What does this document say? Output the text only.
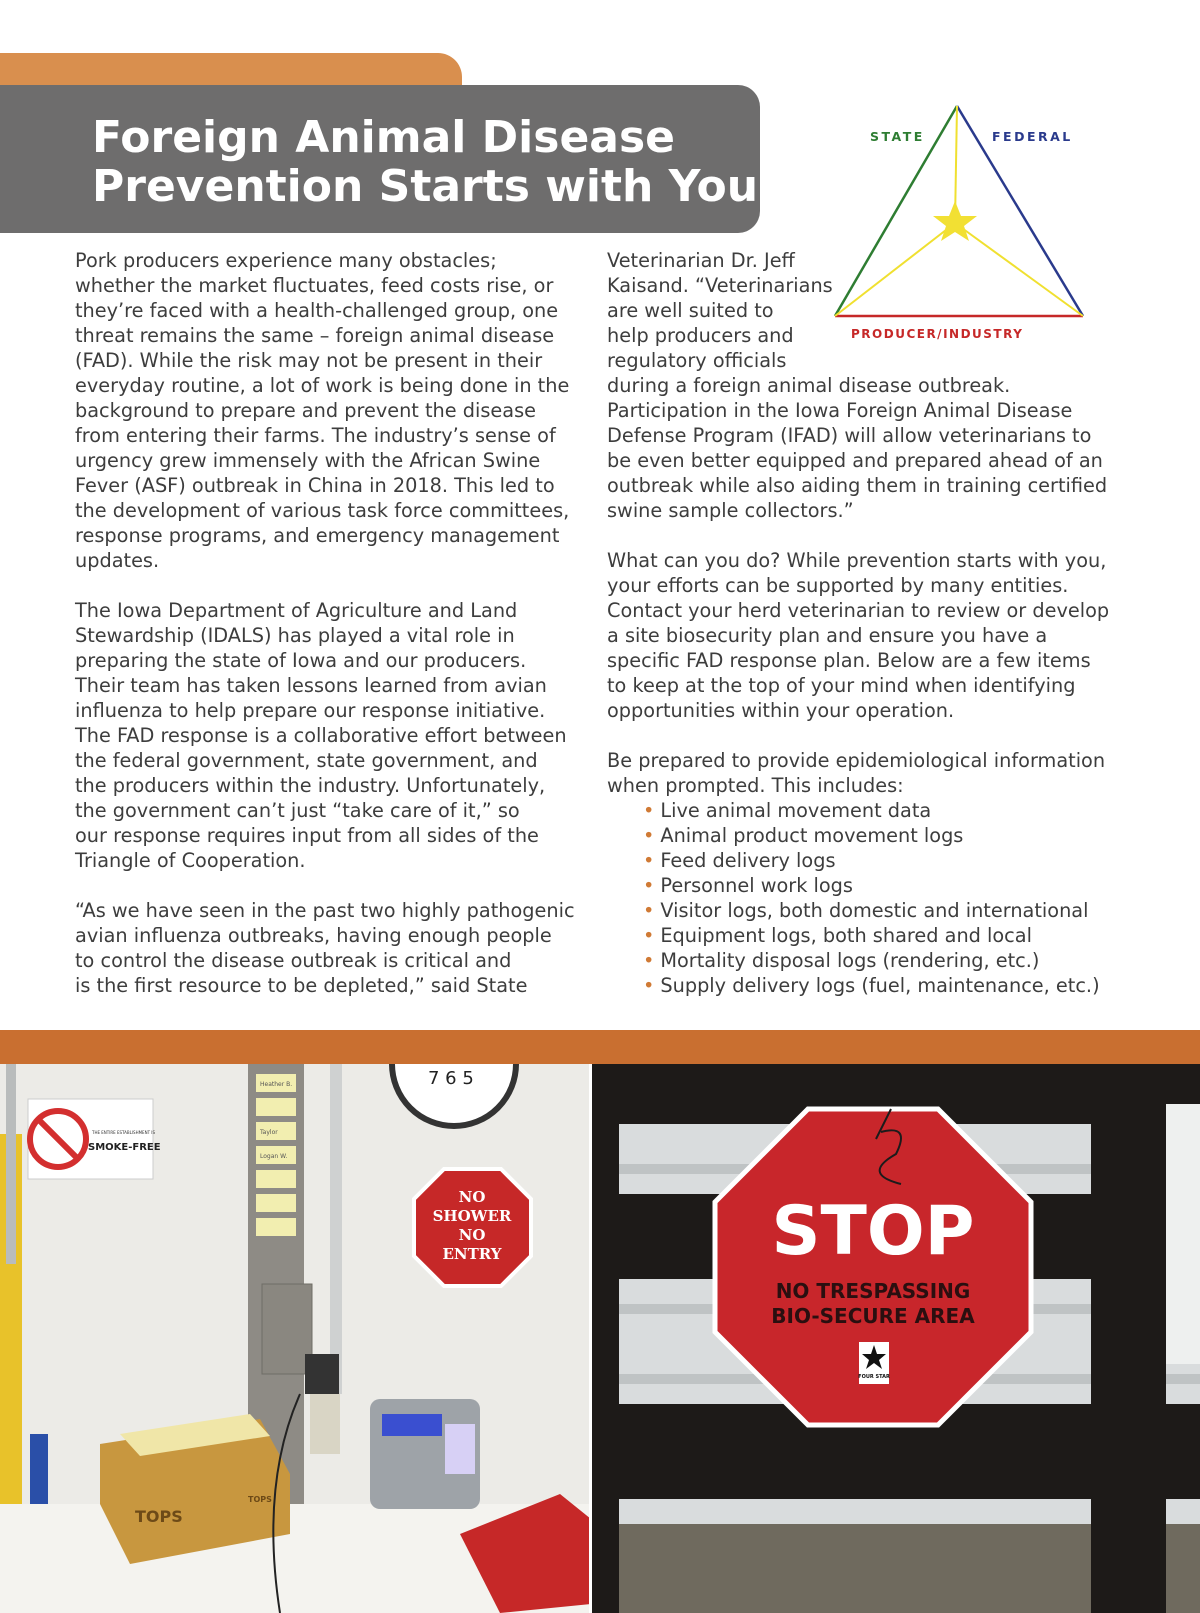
Foreign Animal Disease
Prevention Starts with You
STATE	FEDERAL
PRODUCER/INDUSTRY
Pork producers experience many obstacles;
whether the market fluctuates, feed costs rise, or
they’re faced with a health-challenged group, one
threat remains the same – foreign animal disease
(FAD). While the risk may not be present in their
everyday routine, a lot of work is being done in the
background to prepare and prevent the disease
from entering their farms. The industry’s sense of
urgency grew immensely with the African Swine
Fever (ASF) outbreak in China in 2018. This led to
the development of various task force committees,
response programs, and emergency management
updates.
The Iowa Department of Agriculture and Land
Stewardship (IDALS) has played a vital role in
preparing the state of Iowa and our producers.
Their team has taken lessons learned from avian
influenza to help prepare our response initiative.
The FAD response is a collaborative effort between
the federal government, state government, and
the producers within the industry. Unfortunately,
the government can’t just “take care of it,” so
our response requires input from all sides of the
Triangle of Cooperation.
“As we have seen in the past two highly pathogenic
avian influenza outbreaks, having enough people
to control the disease outbreak is critical and
is the first resource to be depleted,” said State
Veterinarian Dr. Jeff
Kaisand. “Veterinarians
are well suited to
help producers and
regulatory officials
during a foreign animal disease outbreak.
Participation in the Iowa Foreign Animal Disease
Defense Program (IFAD) will allow veterinarians to
be even better equipped and prepared ahead of an
outbreak while also aiding them in training certified
swine sample collectors.”
What can you do? While prevention starts with you,
your efforts can be supported by many entities.
Contact your herd veterinarian to review or develop
a site biosecurity plan and ensure you have a
specific FAD response plan. Below are a few items
to keep at the top of your mind when identifying
opportunities within your operation.
Be prepared to provide epidemiological information
when prompted. This includes:
• Live animal movement data
• Animal product movement logs
• Feed delivery logs
• Personnel work logs
• Visitor logs, both domestic and international
• Equipment logs, both shared and local
• Mortality disposal logs (rendering, etc.)
• Supply delivery logs (fuel, maintenance, etc.)
THE ENTIRE ESTABLISHMENT IS
SMOKE-FREE
7 6 5
Heather B.
Taylor
Logan W.
NO
SHOWER
NO
ENTRY
TOPS
TOPS
STOP
NO TRESPASSING
BIO-SECURE AREA
FOUR STAR
